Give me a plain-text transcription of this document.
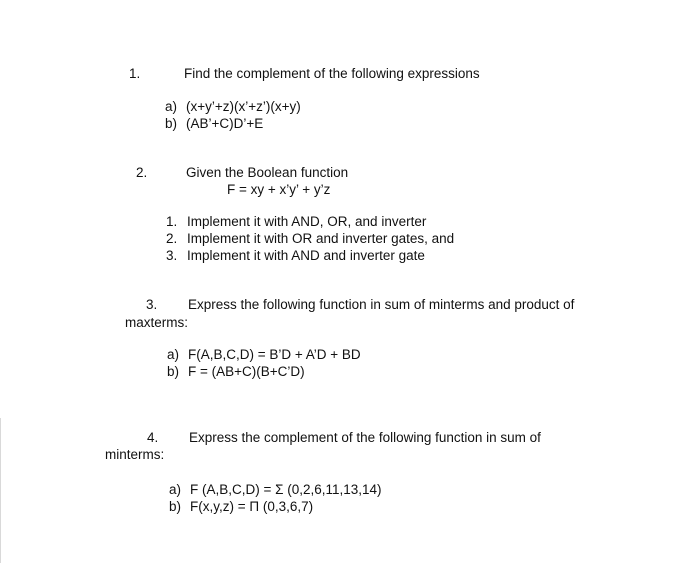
1.	Find the complement of the following expressions
a) (x+y’+z)(x’+z’)(x+y)
b) (AB’+C)D’+E
2.	Given the Boolean function
F = xy + x’y’ + y’z
1. Implement it with AND, OR, and inverter
2. Implement it with OR and inverter gates, and
3. Implement it with AND and inverter gate
3. Express the following function in sum of minterms and product of
maxterms:
a) F(A,B,C,D) = B’D + A’D + BD
b) F = (AB+C)(B+C’D)
4. Express the complement of the following function in sum of
minterms:
a) F (A,B,C,D) = Σ (0,2,6,11,13,14)
b) F(x,y,z) = Π (0,3,6,7)
